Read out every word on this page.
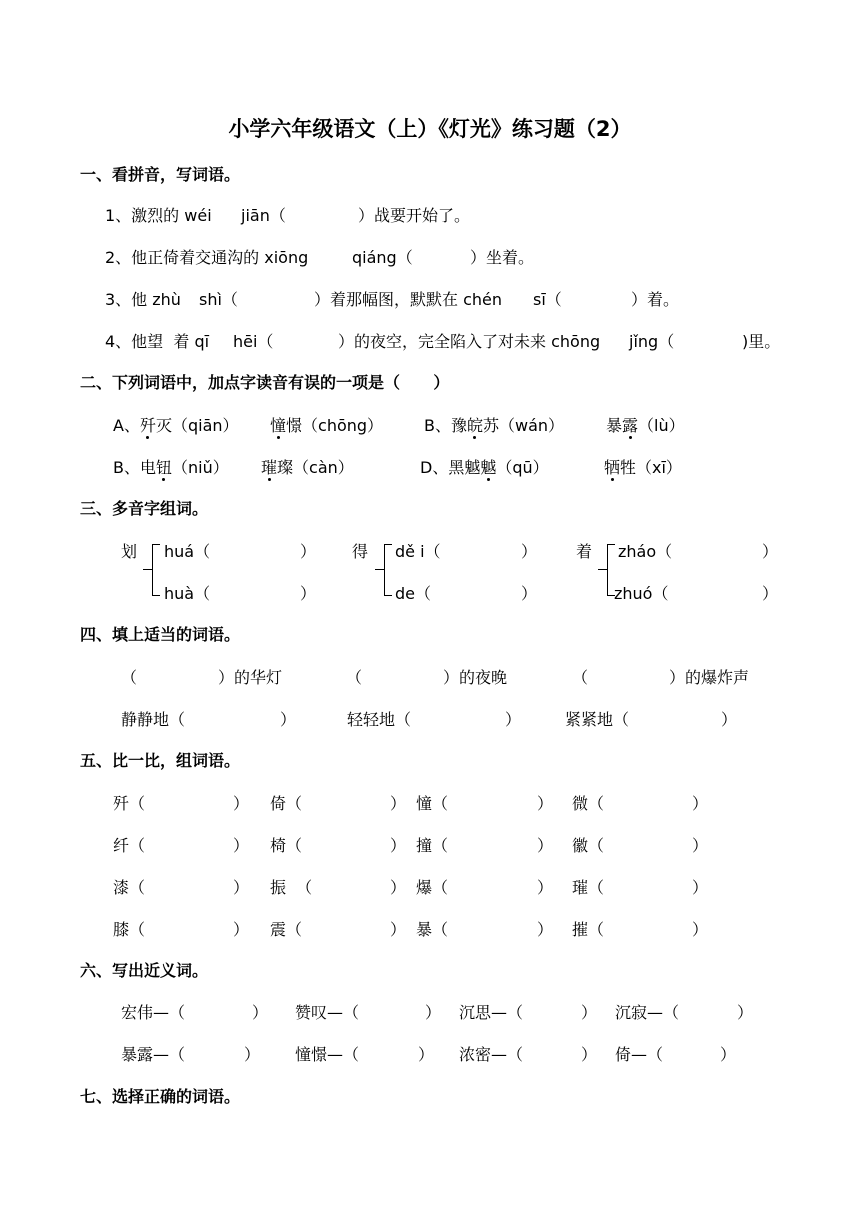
小学六年级语文（上）《灯光》练习题（2）
一、看拼音，写词语。
1、激烈的 wéi jiān（	）战要开始了。
2、他正倚着交通沟的 xiōng	qiáng（	）坐着。
3、他 zhù shì（	）着那幅图，默默在 chén sī（	）着。
4、他望  着 qī hēi（	）的夜空，完全陷入了对未来 chōng jǐng（	)里。
二、下列词语中，加点字读音有误的一项是（      ）
A、歼灭（qiān） 憧憬（chōng）	B、豫皖苏（wán）	暴露（lù）
B、电钮（niǔ） 璀璨（càn）	D、黑魆魆（qū）	牺牲（xī）
三、多音字组词。
划 huá（	）
huà（	）
得 dě i（	）
de（	）
着 zháo（	）
zhuó（	）
四、填上适当的词语。
（	）的华灯	（	）的夜晚	（	）的爆炸声
静静地（	）	轻轻地（	）	紧紧地（	）
五、比一比，组词语。
歼（	） 倚（	） 憧（	） 微（	）
纤（	） 椅（	） 撞（	） 徽（	）
漆（	） 振  （	） 爆（	） 璀（	）
膝（	） 震（	） 暴（	） 摧（	）
六、写出近义词。
宏伟—（	） 赞叹—（	） 沉思—（	） 沉寂—（	）
暴露—（	） 憧憬—（	） 浓密—（	） 倚—（	）
七、选择正确的词语。
